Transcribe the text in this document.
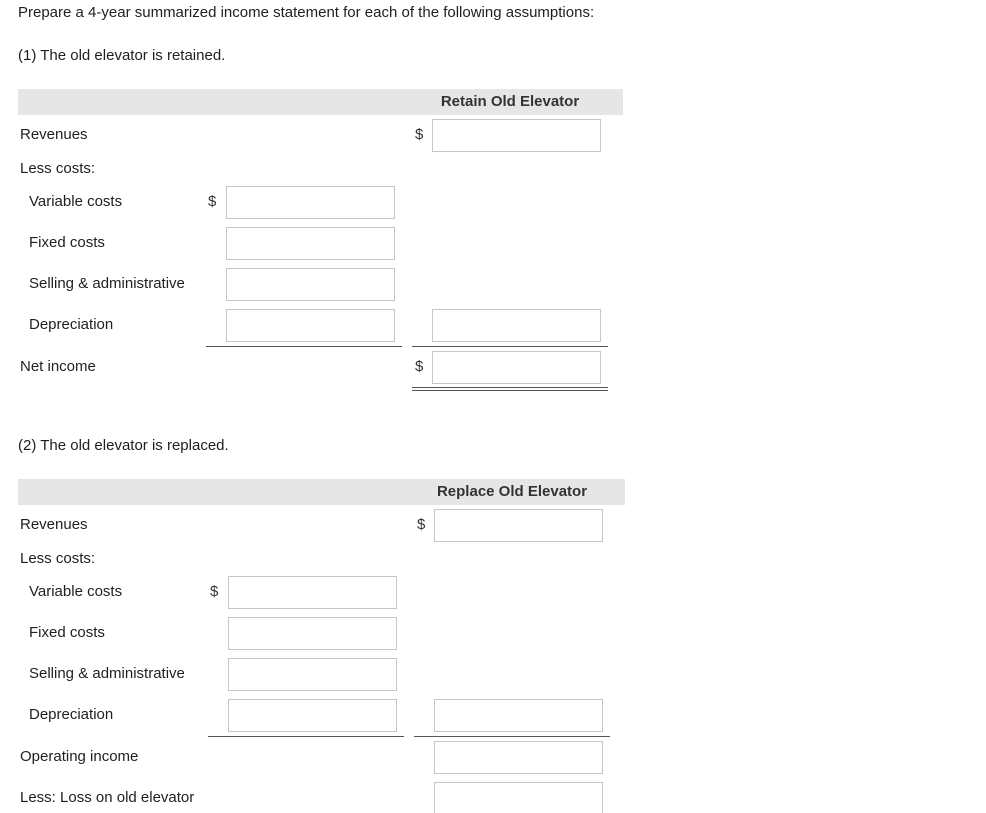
Prepare a 4-year summarized income statement for each of the following assumptions:
(1) The old elevator is retained.
Retain Old Elevator
Revenues	$
Less costs:
Variable costs	$
Fixed costs
Selling & administrative
Depreciation
Net income	$
(2) The old elevator is replaced.
Replace Old Elevator
Revenues	$
Less costs:
Variable costs	$
Fixed costs
Selling & administrative
Depreciation
Operating income
Less: Loss on old elevator
